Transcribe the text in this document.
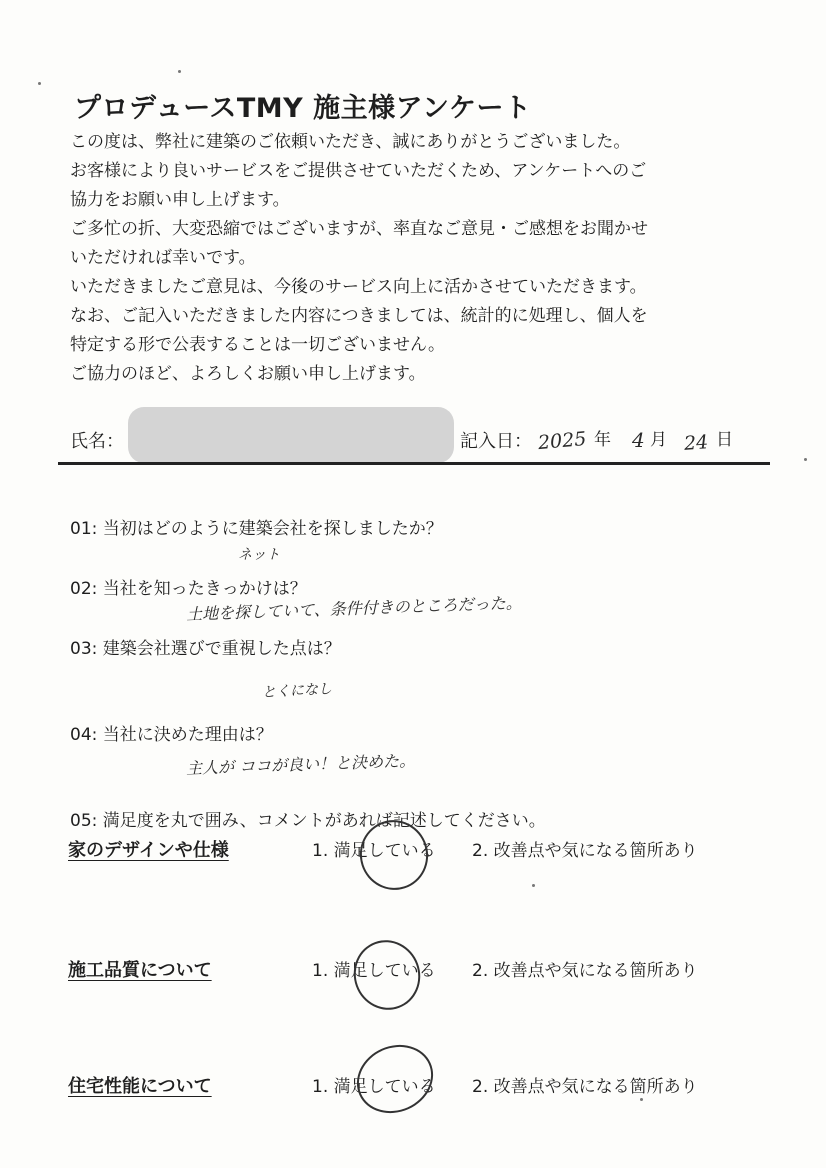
プロデュースTMY 施主様アンケート
この度は、弊社に建築のご依頼いただき、誠にありがとうございました。
お客様により良いサービスをご提供させていただくため、アンケートへのご
協力をお願い申し上げます。
ご多忙の折、大変恐縮ではございますが、率直なご意見・ご感想をお聞かせ
いただければ幸いです。
いただきましたご意見は、今後のサービス向上に活かさせていただきます。
なお、ご記入いただきました内容につきましては、統計的に処理し、個人を
特定する形で公表することは一切ございません。
ご協力のほど、よろしくお願い申し上げます。
氏名：	記入日： 2025 年 4 月 24 日
01: 当初はどのように建築会社を探しましたか？
ネット
02: 当社を知ったきっかけは？
土地を探していて、条件付きのところだった。
03: 建築会社選びで重視した点は？
とくになし
04: 当社に決めた理由は？
主人が ココが良い！と決めた。
05: 満足度を丸で囲み、コメントがあれば記述してください。
家のデザインや仕様	1. 満足している 2. 改善点や気になる箇所あり
施工品質について	1. 満足している 2. 改善点や気になる箇所あり
住宅性能について	1. 満足している 2. 改善点や気になる箇所あり
